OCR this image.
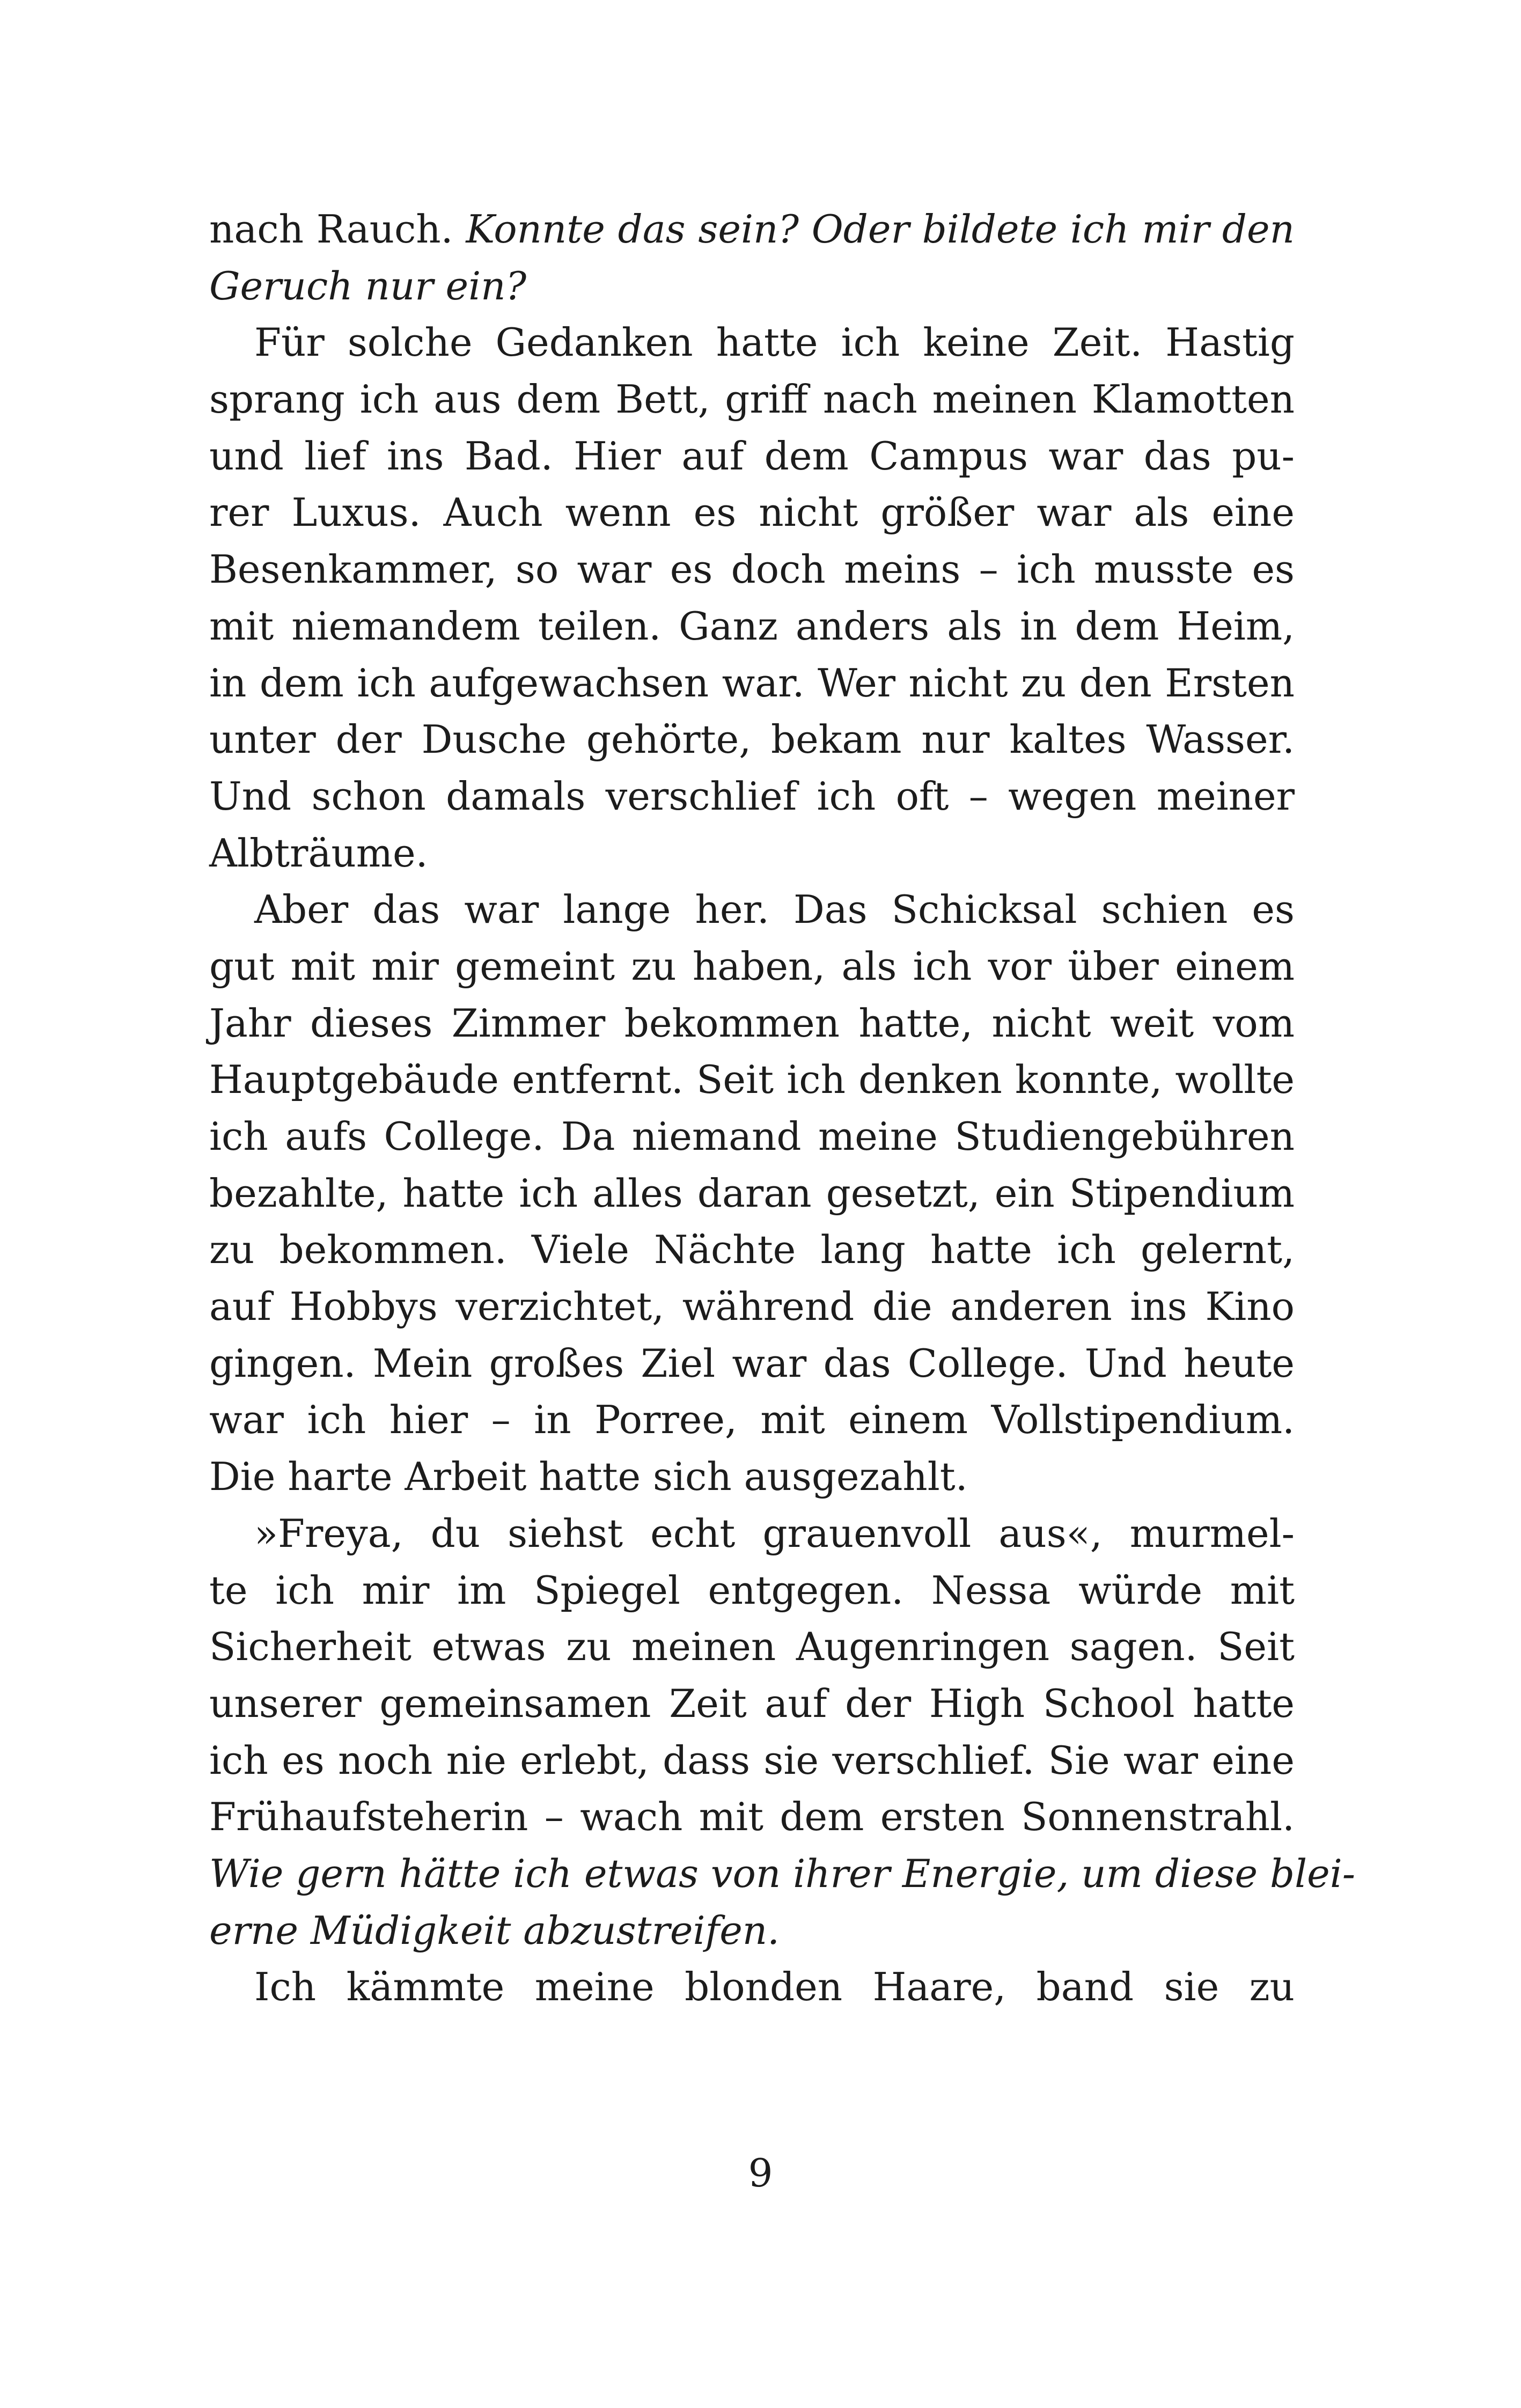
nach Rauch. Konnte das sein? Oder bildete ich mir den
Geruch nur ein?
Für solche Gedanken hatte ich keine Zeit. Hastig
sprang ich aus dem Bett, griff nach meinen Klamotten
und lief ins Bad. Hier auf dem Campus war das pu-
rer Luxus. Auch wenn es nicht größer war als eine
Besenkammer, so war es doch meins – ich musste es
mit niemandem teilen. Ganz anders als in dem Heim,
in dem ich aufgewachsen war. Wer nicht zu den Ersten
unter der Dusche gehörte, bekam nur kaltes Wasser.
Und schon damals verschlief ich oft – wegen meiner
Albträume.
Aber das war lange her. Das Schicksal schien es
gut mit mir gemeint zu haben, als ich vor über einem
Jahr dieses Zimmer bekommen hatte, nicht weit vom
Hauptgebäude entfernt. Seit ich denken konnte, wollte
ich aufs College. Da niemand meine Studiengebühren
bezahlte, hatte ich alles daran gesetzt, ein Stipendium
zu bekommen. Viele Nächte lang hatte ich gelernt,
auf Hobbys verzichtet, während die anderen ins Kino
gingen. Mein großes Ziel war das College. Und heute
war ich hier – in Porree, mit einem Vollstipendium.
Die harte Arbeit hatte sich ausgezahlt.
»Freya, du siehst echt grauenvoll aus«, murmel-
te ich mir im Spiegel entgegen. Nessa würde mit
Sicherheit etwas zu meinen Augenringen sagen. Seit
unserer gemeinsamen Zeit auf der High School hatte
ich es noch nie erlebt, dass sie verschlief. Sie war eine
Frühaufsteherin – wach mit dem ersten Sonnenstrahl.
Wie gern hätte ich etwas von ihrer Energie, um diese blei-
erne Müdigkeit abzustreifen.
Ich kämmte meine blonden Haare, band sie zu
9
